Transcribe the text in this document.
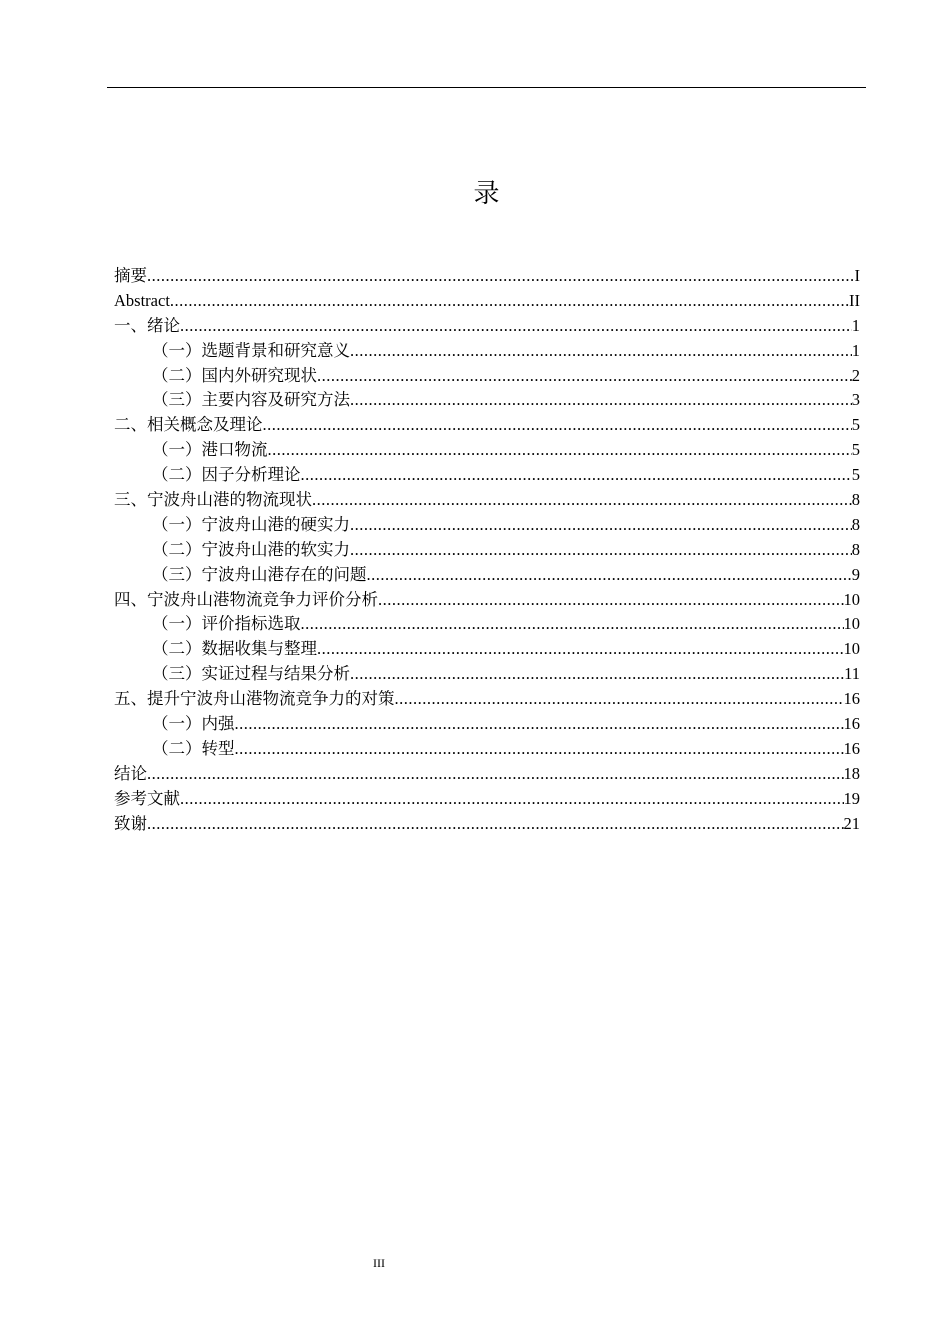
录
摘要 .....	I
Abstract .....	II
一、绪论 .....	1
（一）选题背景和研究意义 .....	1
（二）国内外研究现状 .....	2
（三）主要内容及研究方法 .....	3
二、相关概念及理论 .....	5
（一）港口物流 .....	5
（二）因子分析理论 .....	5
三、宁波舟山港的物流现状 .....	8
（一）宁波舟山港的硬实力 .....	8
（二）宁波舟山港的软实力 .....	8
（三）宁波舟山港存在的问题 .....	9
四、宁波舟山港物流竞争力评价分析 .....	10
（一）评价指标选取 .....	10
（二）数据收集与整理 .....	10
（三）实证过程与结果分析 .....	11
五、提升宁波舟山港物流竞争力的对策 .....	16
（一）内强 .....	16
（二）转型 .....	16
结论 .....	18
参考文献 .....	19
致谢 .....	21
III
